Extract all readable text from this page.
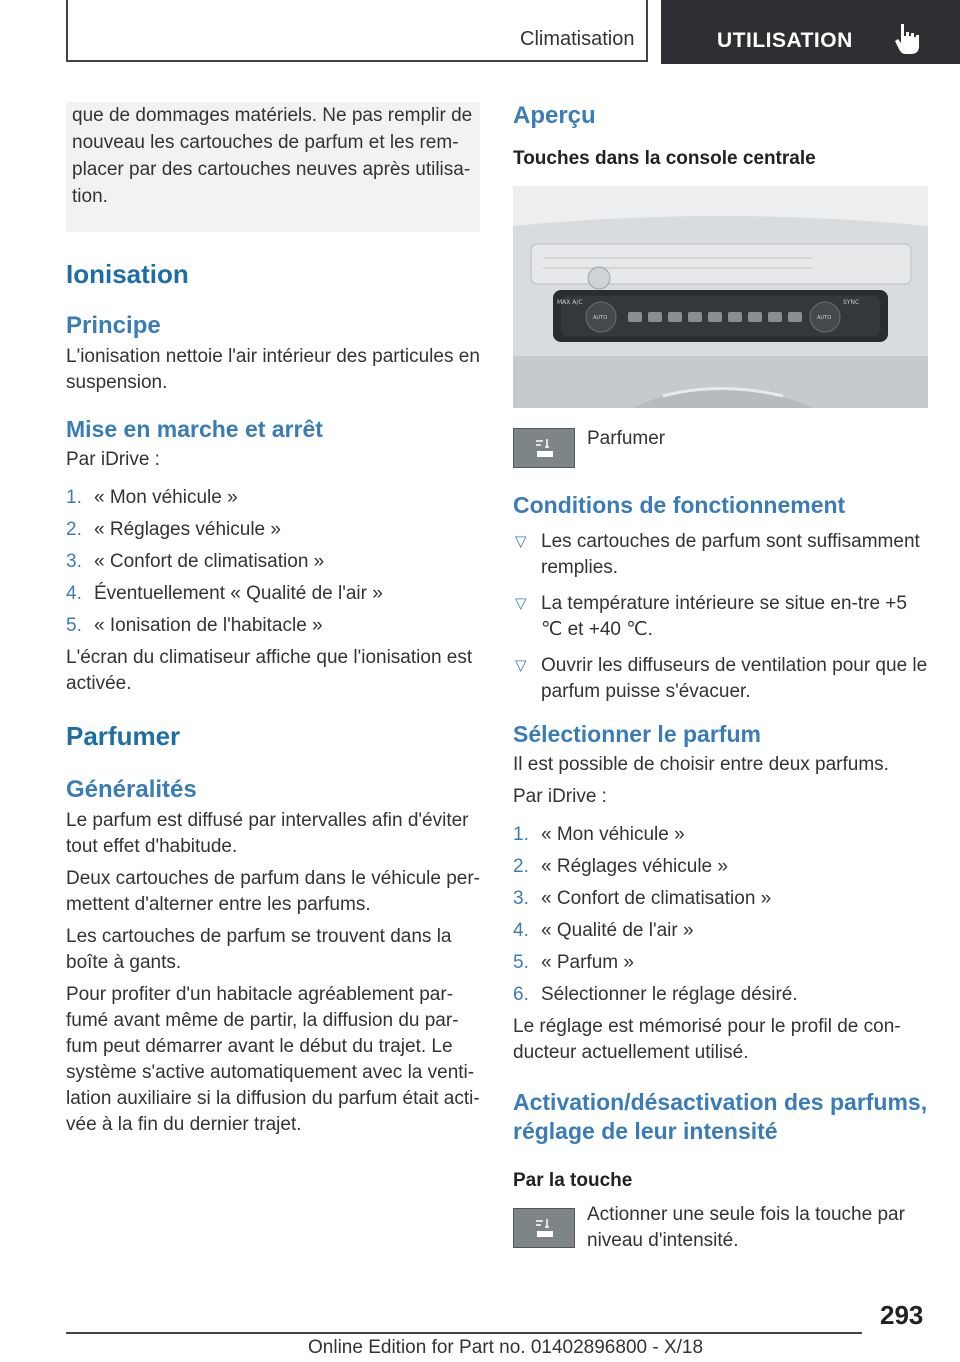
Climatisation	UTILISATION
que de dommages matériels. Ne pas remplir de
nouveau les cartouches de parfum et les rem-
placer par des cartouches neuves après utilisa-
tion.
Ionisation
Principe

L'ionisation nettoie l'air intérieur des particules en suspension.

Mise en marche et arrêt

Par iDrive :

1. « Mon véhicule »
2. « Réglages véhicule »
3. « Confort de climatisation »
4. Éventuellement « Qualité de l'air »
5. « Ionisation de l'habitacle »

L'écran du climatiseur affiche que l'ionisation est activée.

Parfumer
Généralités

Le parfum est diffusé par intervalles afin d'éviter tout effet d'habitude.

Deux cartouches de parfum dans le véhicule per-mettent d'alterner entre les parfums.

Les cartouches de parfum se trouvent dans la boîte à gants.

Pour profiter d'un habitacle agréablement par-fumé avant même de partir, la diffusion du par-fum peut démarrer avant le début du trajet. Le système s'active automatiquement avec la venti-lation auxiliaire si la diffusion du parfum était acti-vée à la fin du dernier trajet.

Aperçu
Touches dans la console centrale
MAX A/C	SYNC
AUTO	AUTO

Parfumer

Conditions de fonctionnement
▽ Les cartouches de parfum sont suffisamment remplies.
▽ La température intérieure se situe en-tre +5 ℃ et +40 ℃.
▽ Ouvrir les diffuseurs de ventilation pour que le parfum puisse s'évacuer.
Sélectionner le parfum

Il est possible de choisir entre deux parfums.

Par iDrive :

1. « Mon véhicule »
2. « Réglages véhicule »
3. « Confort de climatisation »
4. « Qualité de l'air »
5. « Parfum »
6. Sélectionner le réglage désiré.

Le réglage est mémorisé pour le profil de con-ducteur actuellement utilisé.

Activation/désactivation des parfums, réglage de leur intensité
Par la touche

Actionner une seule fois la touche par niveau d'intensité.

293
Online Edition for Part no. 01402896800 - X/18
